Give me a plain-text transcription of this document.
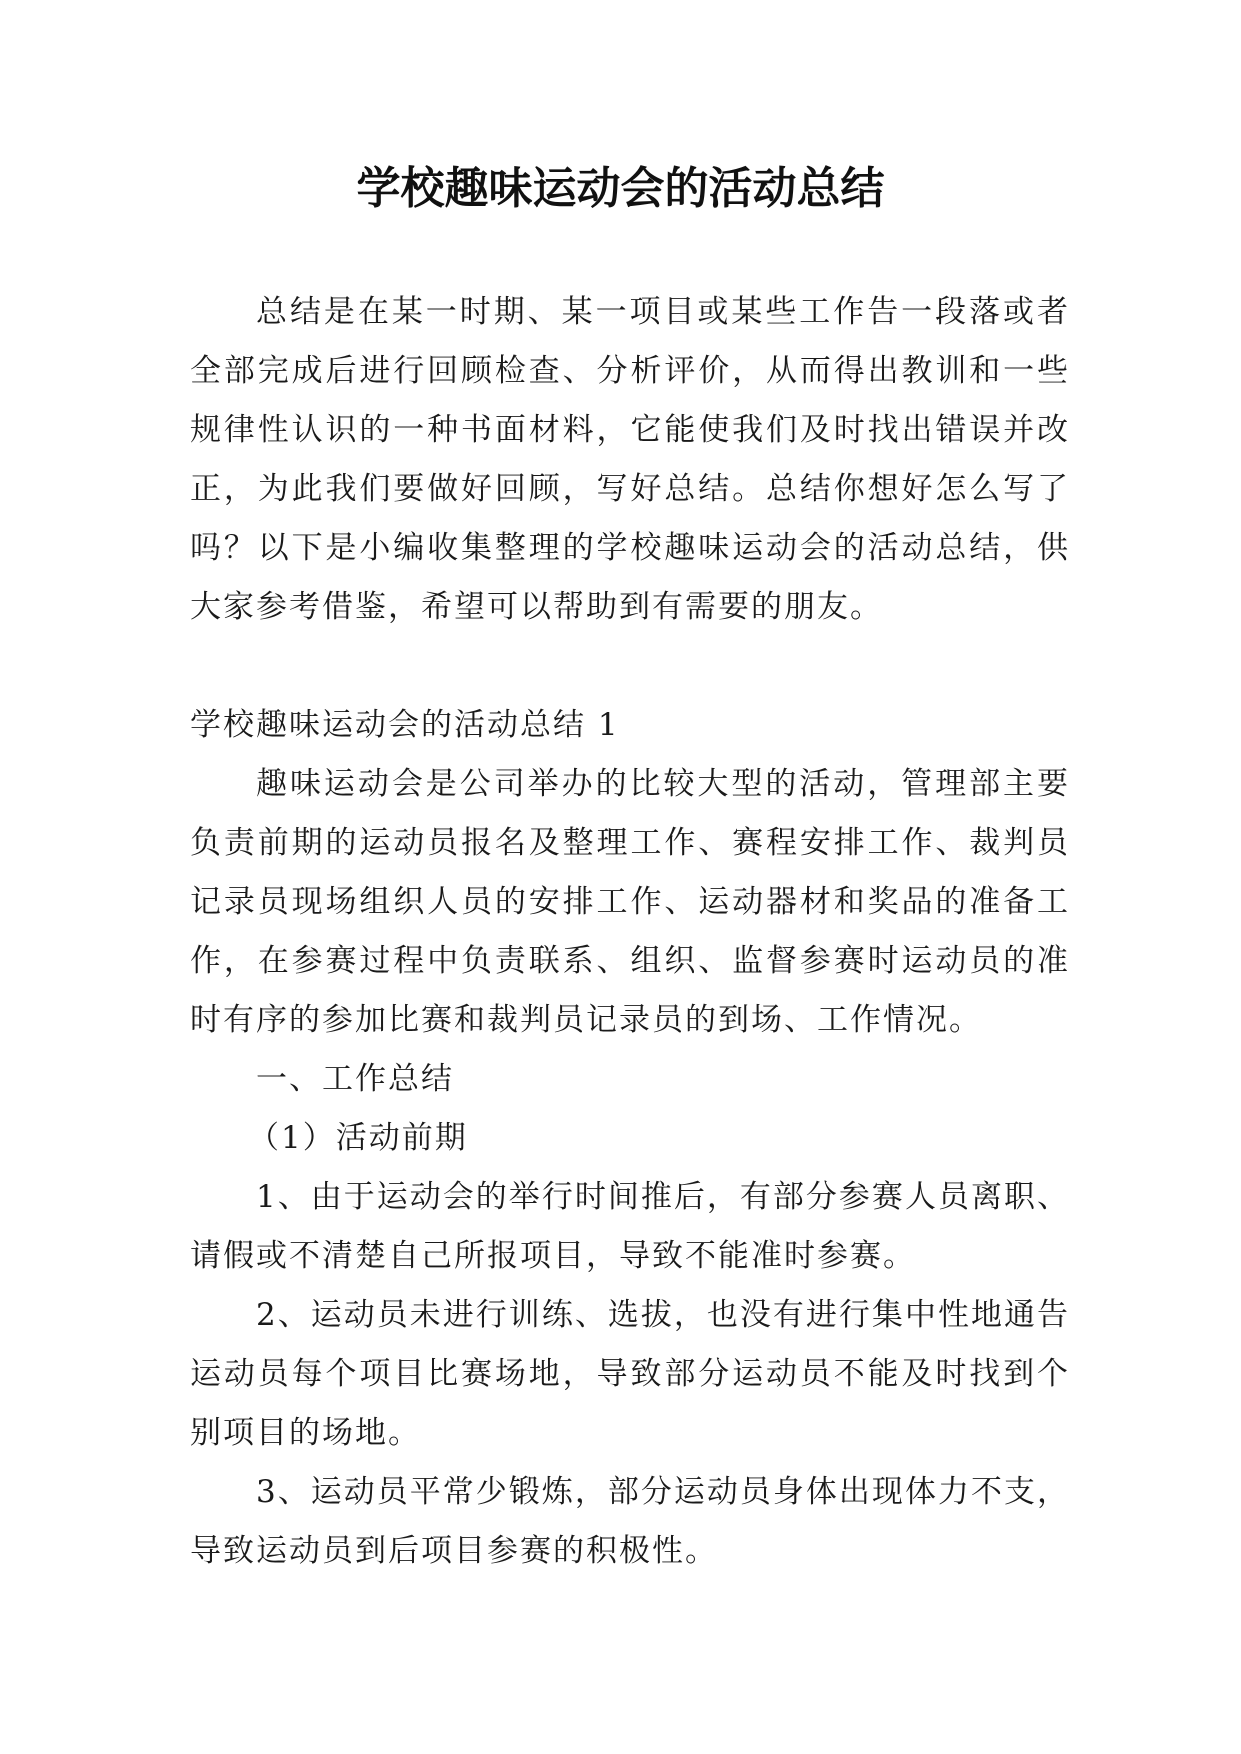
学校趣味运动会的活动总结

总结是在某一时期、某一项目或某些工作告一段落或者全部完成后进行回顾检查、分析评价，从而得出教训和一些规律性认识的一种书面材料，它能使我们及时找出错误并改正，为此我们要做好回顾，写好总结。总结你想好怎么写了吗？以下是小编收集整理的学校趣味运动会的活动总结，供大家参考借鉴，希望可以帮助到有需要的朋友。

学校趣味运动会的活动总结 1

趣味运动会是公司举办的比较大型的活动，管理部主要负责前期的运动员报名及整理工作、赛程安排工作、裁判员记录员现场组织人员的安排工作、运动器材和奖品的准备工作，在参赛过程中负责联系、组织、监督参赛时运动员的准时有序的参加比赛和裁判员记录员的到场、工作情况。

一、工作总结

（1）活动前期

1、由于运动会的举行时间推后，有部分参赛人员离职、请假或不清楚自己所报项目，导致不能准时参赛。

2、运动员未进行训练、选拔，也没有进行集中性地通告运动员每个项目比赛场地，导致部分运动员不能及时找到个别项目的场地。

3、运动员平常少锻炼，部分运动员身体出现体力不支，导致运动员到后项目参赛的积极性。
